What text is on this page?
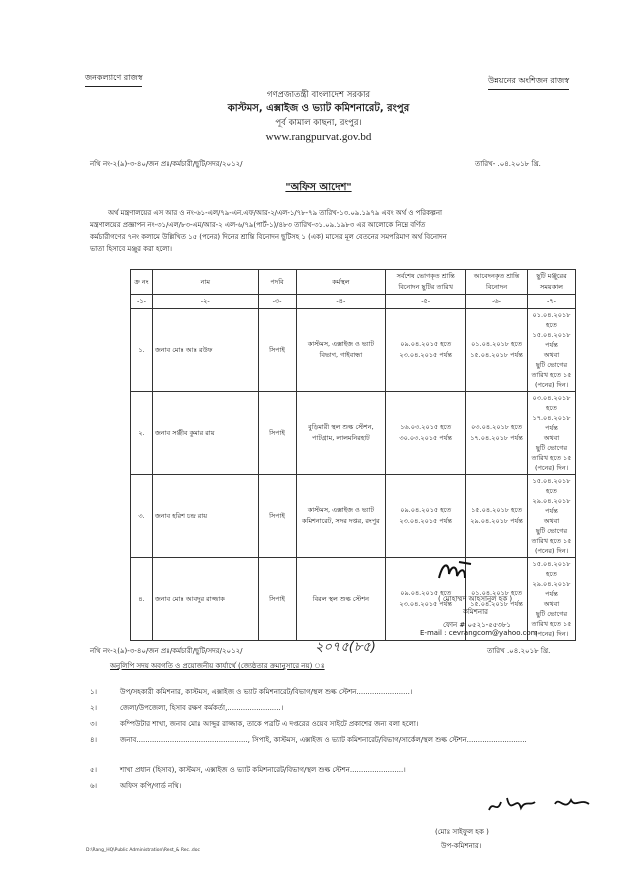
জনকল্যাণে রাজস্ব	উন্নয়নের অংশিজন রাজস্ব
গণপ্রজাতন্ত্রী বাংলাদেশ সরকার
কাস্টমস, এক্সাইজ ও ভ্যাট কমিশনারেট, রংপুর
পূর্ব কামাল কাছনা, রংপুর।
www.rangpurvat.gov.bd
নথি নং-২(৯)-৩-৪০/জন প্রঃ/কর্মচারী/ছুটি/সদর/২০১২/	তারিখ- .০৪.২০১৮ খ্রি.
"অফিস আদেশ"
অর্থ মন্ত্রণালয়ের এস আর ও নং-৬১-এল/৭৯-এন.এফ/আর-২/এল-১/৭৮-৭৯ তারিখ-১৩.০৯.১৯৭৯ এবং অর্থ ও পরিকল্পনা
মন্ত্রণালয়ের প্রজ্ঞাপন নং-৩১/এল/৮৩-এম/আর-২ এল-৬/৭৯(পার্ট-১)/৪৮৩ তারিখ-৩১.০৯.১৯৮৩ এর আলোকে নিম্নে বর্ণিত
কর্মচারীগণের ৭নং কলামে উল্লিখিত ১৫ (পনের) দিনের শ্রান্তি বিনোদন ছুটিসহ ১ (এক) মাসের মূল বেতনের সমপরিমাণ অর্থ বিনোদন
ভাতা হিসাবে মঞ্জুর করা হলো।
ক্র নং	নাম	পদবি	কর্মস্থল	সর্বশেষ ভোগকৃত শ্রান্তি বিনোদন ছুটির তারিখ	আবেদনকৃত শ্রান্তি বিনোদন	ছুটি মঞ্জুরের সময়কাল
-১-	-২-	-৩-	-৪-	-৫-	-৬-	-৭-
১.	জনাব মোঃ আঃ রউফ	সিপাই	কাস্টমস, এক্সাইজ ও ভ্যাট বিভাগ, গাইবান্ধা	০৯.০৪.২০১৫ হতে ২৩.০৪.২০১৫ পর্যন্ত	০১.০৪.২০১৮ হতে ১৫.০৪.২০১৮ পর্যন্ত	০১.০৪.২০১৮ হতে
১৫.০৪.২০১৮ পর্যন্ত
অথবা
ছুটি ভোগের তারিখ হতে ১৫
(পনের) দিন।

২.	জনাব সঞ্জীব কুমার রায়	সিপাই	বুড়িমারী স্থল শুল্ক স্টেশন, পাটগ্রাম, লালমনিরহাট	১৬.০৩.২০১৫ হতে ৩০.০৩.২০১৫ পর্যন্ত	০৩.০৪.২০১৮ হতে ১৭.০৪.২০১৮ পর্যন্ত	০৩.০৪.২০১৮ হতে
১৭.০৪.২০১৮ পর্যন্ত
অথবা
ছুটি ভোগের তারিখ হতে ১৫
(পনের) দিন।

৩.	জনাব হরিশ চন্দ্র রায়	সিপাই	কাস্টমস, এক্সাইজ ও ভ্যাট কমিশনারেট, সদর দপ্তর, রংপুর	০৯.০৪.২০১৫ হতে ২৩.০৪.২০১৫ পর্যন্ত	১৫.০৪.২০১৮ হতে ২৯.০৪.২০১৮ পর্যন্ত	১৫.০৪.২০১৮ হতে
২৯.০৪.২০১৮ পর্যন্ত
অথবা
ছুটি ভোগের তারিখ হতে ১৫
(পনের) দিন।

৪.	জনাব মোঃ আবদুর রাজ্জাক	সিপাই	বিরল স্থল শুল্ক স্টেশন	০৯.০৪.২০১৫ হতে ২৩.০৪.২০১৫ পর্যন্ত	০১.০৪.২০১৮ হতে ১৫.০৪.২০১৮ পর্যন্ত	১৫.০৪.২০১৮ হতে
২৯.০৪.২০১৮ পর্যন্ত
অথবা
ছুটি ভোগের তারিখ হতে ১৫
(পনের) দিন।
( মোহাম্মদ আহসানুল হক )
কমিশনার
ফোন # ০৫২১-৫৫৩৮১
E-mail : cevrangcom@yahoo.com
নথি নং-২(৯)-৩-৪০/জন প্রঃ/কর্মচারী/ছুটি/সদর/২০১২/	২০৭৫(৮৫)	তারিখ .০৪.২০১৮ খ্রি.
অনুলিপি সদয় অবগতি ও প্রয়োজনীয় কার্যার্থে (জ্যেষ্ঠতার ক্রমানুসারে নয়) ঃ
১।	উপ/সহকারী কমিশনার, কাস্টমস, এক্সাইজ ও ভ্যাট কমিশনারেট/বিভাগ/স্থল শুল্ক স্টেশন........................।
২।	জেলা/উপজেলা, হিসাব রক্ষণ কর্মকর্তা,........................।
৩।	কম্পিউটার শাখা, জনাব মোঃ আব্দুর রাজ্জাক, তাকে পত্রটি এ দপ্তরের ওয়েব সাইটে প্রকাশের জন্য বলা হলো।
৪।	জনাব.................................................., সিপাই, কাস্টমস, এক্সাইজ ও ভ্যাট কমিশনারেট/বিভাগ/সার্কেল/স্থল শুল্ক স্টেশন...........................
৫।	শাখা প্রধান (হিসাব), কাস্টমস, এক্সাইজ ও ভ্যাট কমিশনারেট/বিভাগ/স্থল শুল্ক স্টেশন........................।
৬।	অফিস কপি/গার্ড নথি।
(মোঃ সাইফুল হক )
উপ-কমিশনার।
D:\Rang_HQ\Public Administration\Rest_& Rec..doc
